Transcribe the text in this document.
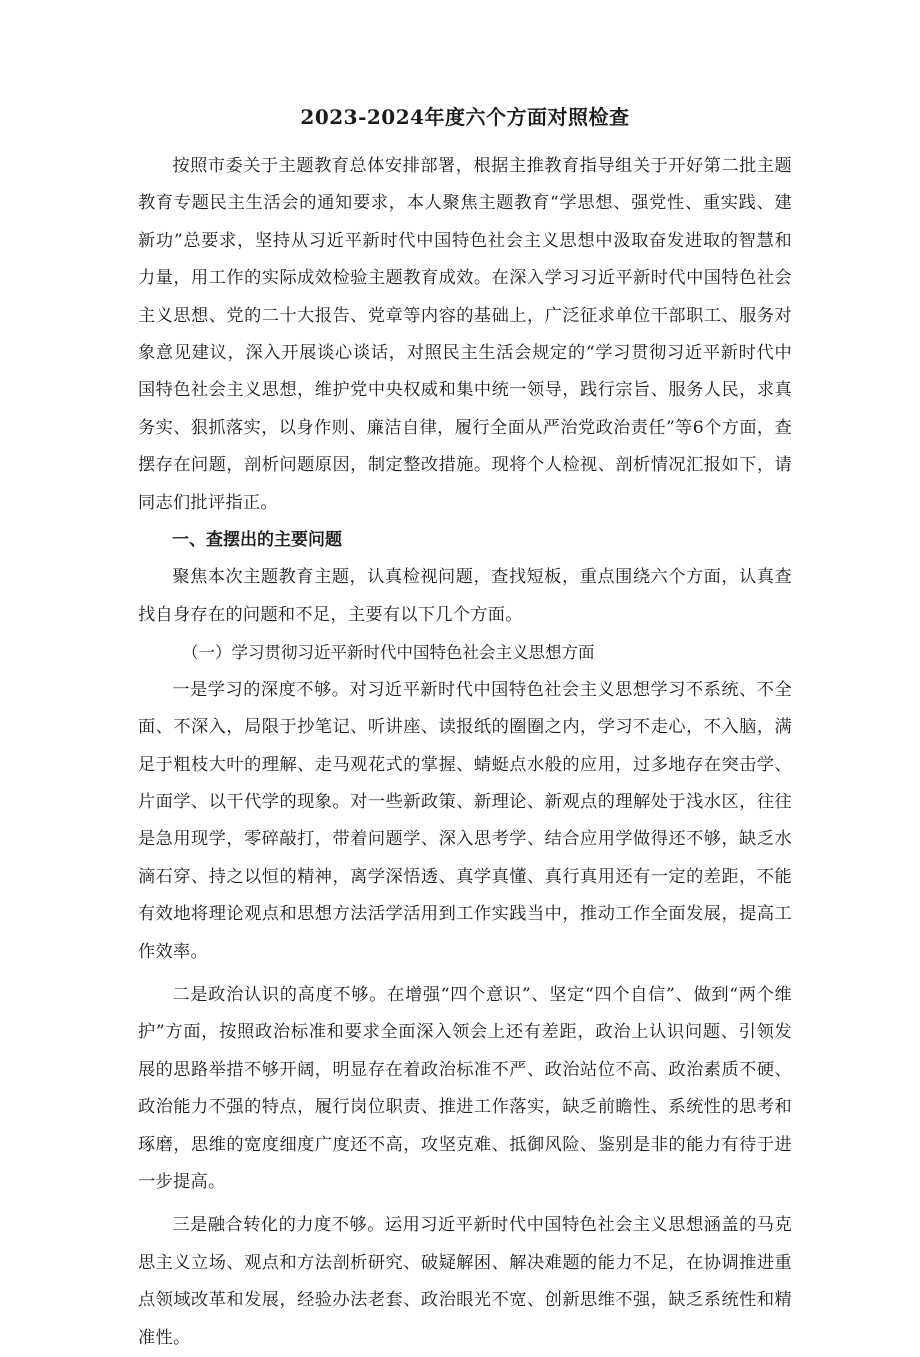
2023-2024年度六个方面对照检查

按照市委关于主题教育总体安排部署，根据主推教育指导组关于开好第二批主题教育专题民主生活会的通知要求，本人聚焦主题教育“学思想、强党性、重实践、建新功”总要求，坚持从习近平新时代中国特色社会主义思想中汲取奋发进取的智慧和力量，用工作的实际成效检验主题教育成效。在深入学习习近平新时代中国特色社会主义思想、党的二十大报告、党章等内容的基础上，广泛征求单位干部职工、服务对象意见建议，深入开展谈心谈话，对照民主生活会规定的“学习贯彻习近平新时代中国特色社会主义思想，维护党中央权威和集中统一领导，践行宗旨、服务人民，求真务实、狠抓落实，以身作则、廉洁自律，履行全面从严治党政治责任”等6个方面，查摆存在问题，剖析问题原因，制定整改措施。现将个人检视、剖析情况汇报如下，请同志们批评指正。

一、查摆出的主要问题

聚焦本次主题教育主题，认真检视问题，查找短板，重点围绕六个方面，认真查找自身存在的问题和不足，主要有以下几个方面。

（一）学习贯彻习近平新时代中国特色社会主义思想方面

一是学习的深度不够。对习近平新时代中国特色社会主义思想学习不系统、不全面、不深入，局限于抄笔记、听讲座、读报纸的圈圈之内，学习不走心，不入脑，满足于粗枝大叶的理解、走马观花式的掌握、蜻蜓点水般的应用，过多地存在突击学、片面学、以干代学的现象。对一些新政策、新理论、新观点的理解处于浅水区，往往是急用现学，零碎敲打，带着问题学、深入思考学、结合应用学做得还不够，缺乏水滴石穿、持之以恒的精神，离学深悟透、真学真懂、真行真用还有一定的差距，不能有效地将理论观点和思想方法活学活用到工作实践当中，推动工作全面发展，提高工作效率。

二是政治认识的高度不够。在增强“四个意识”、坚定“四个自信”、做到“两个维护”方面，按照政治标准和要求全面深入领会上还有差距，政治上认识问题、引领发展的思路举措不够开阔，明显存在着政治标准不严、政治站位不高、政治素质不硬、政治能力不强的特点，履行岗位职责、推进工作落实，缺乏前瞻性、系统性的思考和琢磨，思维的宽度细度广度还不高，攻坚克难、抵御风险、鉴别是非的能力有待于进一步提高。

三是融合转化的力度不够。运用习近平新时代中国特色社会主义思想涵盖的马克思主义立场、观点和方法剖析研究、破疑解困、解决难题的能力不足，在协调推进重点领域改革和发展，经验办法老套、政治眼光不宽、创新思维不强，缺乏系统性和精准性。
